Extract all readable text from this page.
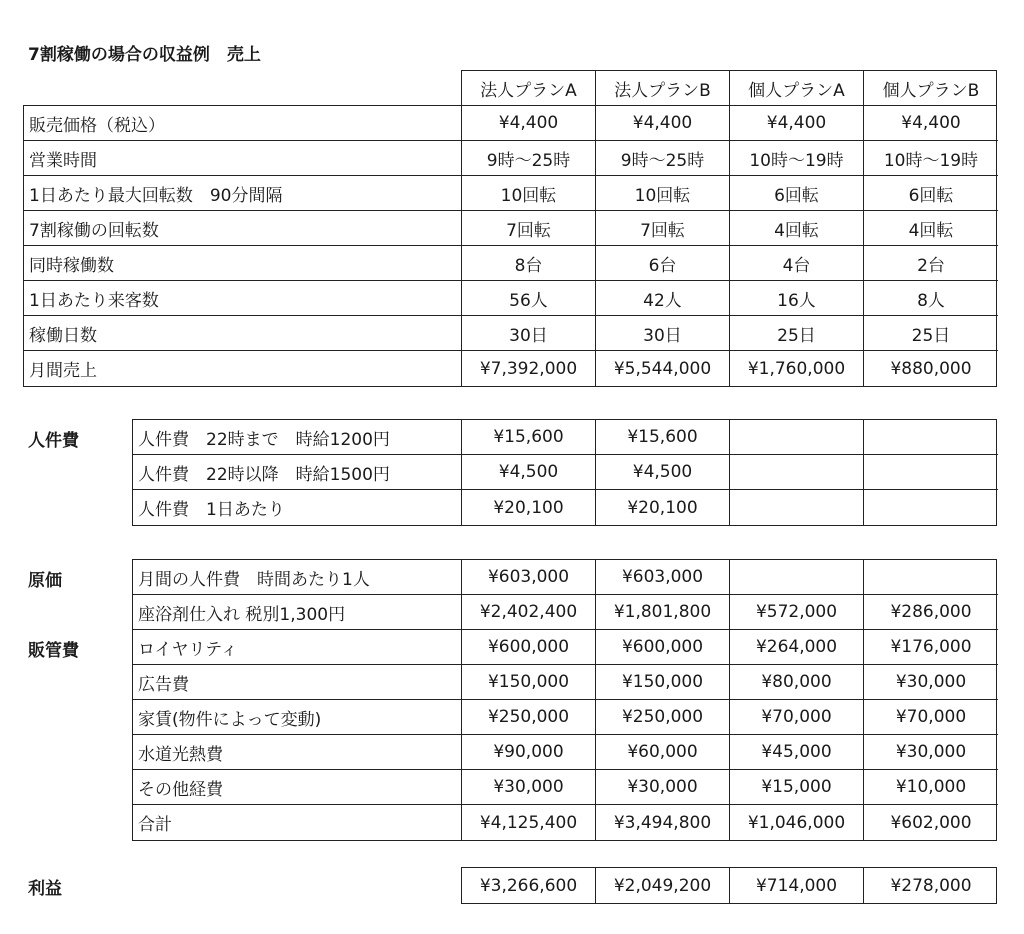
7割稼働の場合の収益例　売上
法人プランA	法人プランB	個人プランA	個人プランB
販売価格（税込）	¥4,400	¥4,400	¥4,400	¥4,400
営業時間	9時～25時	9時～25時	10時～19時	10時～19時
1日あたり最大回転数　90分間隔	10回転	10回転	6回転	6回転
7割稼働の回転数	7回転	7回転	4回転	4回転
同時稼働数	8台	6台	4台	2台
1日あたり来客数	56人	42人	16人	8人
稼働日数	30日	30日	25日	25日
月間売上	¥7,392,000	¥5,544,000	¥1,760,000	¥880,000
人件費	人件費　22時まで　時給1200円	¥15,600	¥15,600
人件費　22時以降　時給1500円	¥4,500	¥4,500
人件費　1日あたり	¥20,100	¥20,100
原価
販管費
月間の人件費　時間あたり1人	¥603,000	¥603,000
座浴剤仕入れ 税別1,300円	¥2,402,400	¥1,801,800	¥572,000	¥286,000
ロイヤリティ	¥600,000	¥600,000	¥264,000	¥176,000
広告費	¥150,000	¥150,000	¥80,000	¥30,000
家賃(物件によって変動)	¥250,000	¥250,000	¥70,000	¥70,000
水道光熱費	¥90,000	¥60,000	¥45,000	¥30,000
その他経費	¥30,000	¥30,000	¥15,000	¥10,000
合計	¥4,125,400	¥3,494,800	¥1,046,000	¥602,000
利益	¥3,266,600	¥2,049,200	¥714,000	¥278,000
